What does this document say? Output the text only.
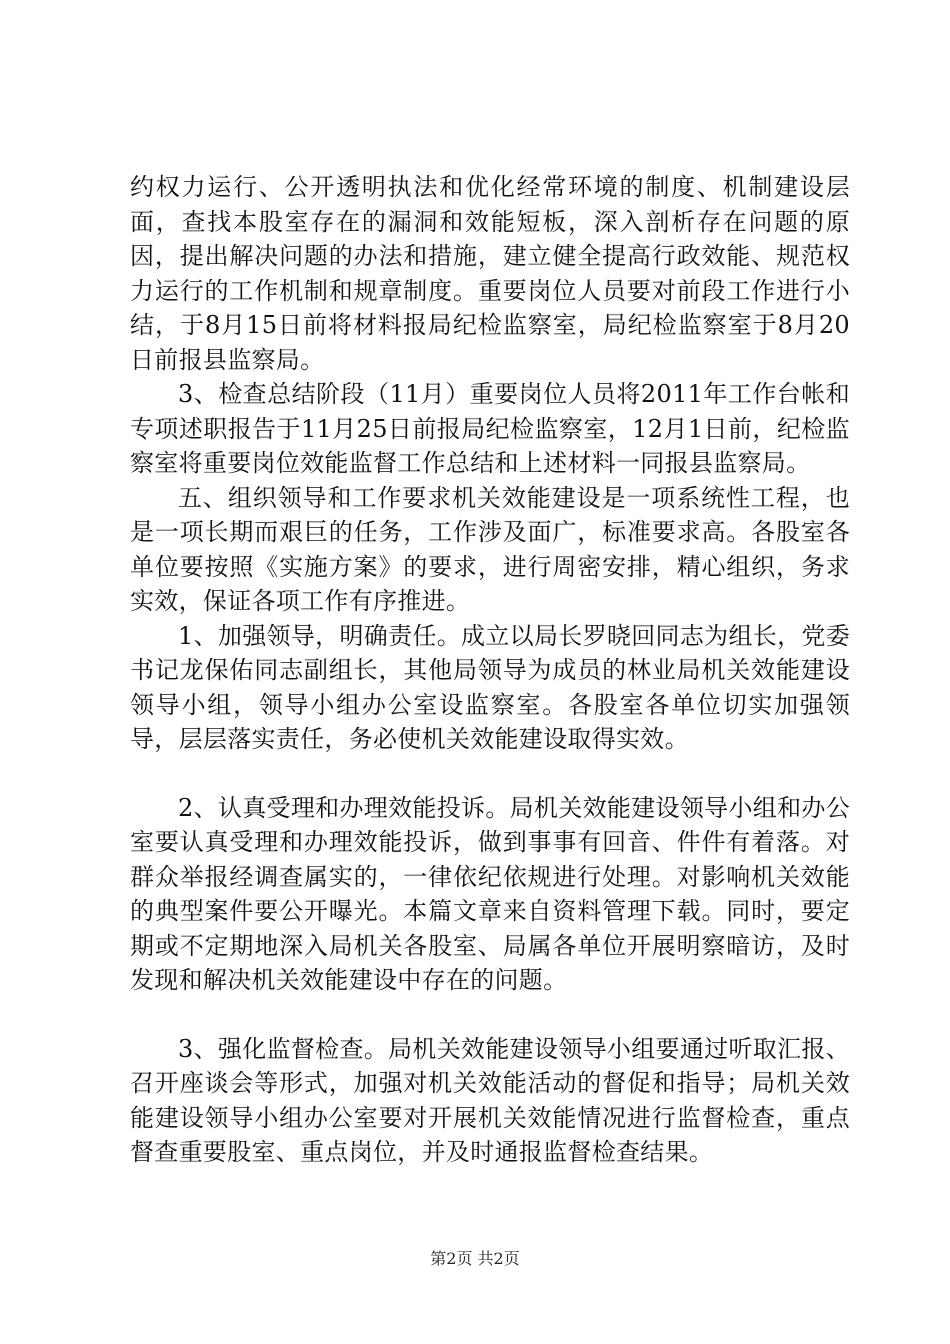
约权力运行、公开透明执法和优化经常环境的制度、机制建设层面，查找本股室存在的漏洞和效能短板，深入剖析存在问题的原因，提出解决问题的办法和措施，建立健全提高行政效能、规范权力运行的工作机制和规章制度。重要岗位人员要对前段工作进行小结，于8月15日前将材料报局纪检监察室，局纪检监察室于8月20日前报县监察局。

3、检查总结阶段（11月）重要岗位人员将2011年工作台帐和专项述职报告于11月25日前报局纪检监察室，12月1日前，纪检监察室将重要岗位效能监督工作总结和上述材料一同报县监察局。

五、组织领导和工作要求机关效能建设是一项系统性工程，也是一项长期而艰巨的任务，工作涉及面广，标准要求高。各股室各单位要按照《实施方案》的要求，进行周密安排，精心组织，务求实效，保证各项工作有序推进。

1、加强领导，明确责任。成立以局长罗晓回同志为组长，党委书记龙保佑同志副组长，其他局领导为成员的林业局机关效能建设领导小组，领导小组办公室设监察室。各股室各单位切实加强领导，层层落实责任，务必使机关效能建设取得实效。

2、认真受理和办理效能投诉。局机关效能建设领导小组和办公室要认真受理和办理效能投诉，做到事事有回音、件件有着落。对群众举报经调查属实的，一律依纪依规进行处理。对影响机关效能的典型案件要公开曝光。本篇文章来自资料管理下载。同时，要定期或不定期地深入局机关各股室、局属各单位开展明察暗访，及时发现和解决机关效能建设中存在的问题。

3、强化监督检查。局机关效能建设领导小组要通过听取汇报、召开座谈会等形式，加强对机关效能活动的督促和指导；局机关效能建设领导小组办公室要对开展机关效能情况进行监督检查，重点督查重要股室、重点岗位，并及时通报监督检查结果。

第2页 共2页
